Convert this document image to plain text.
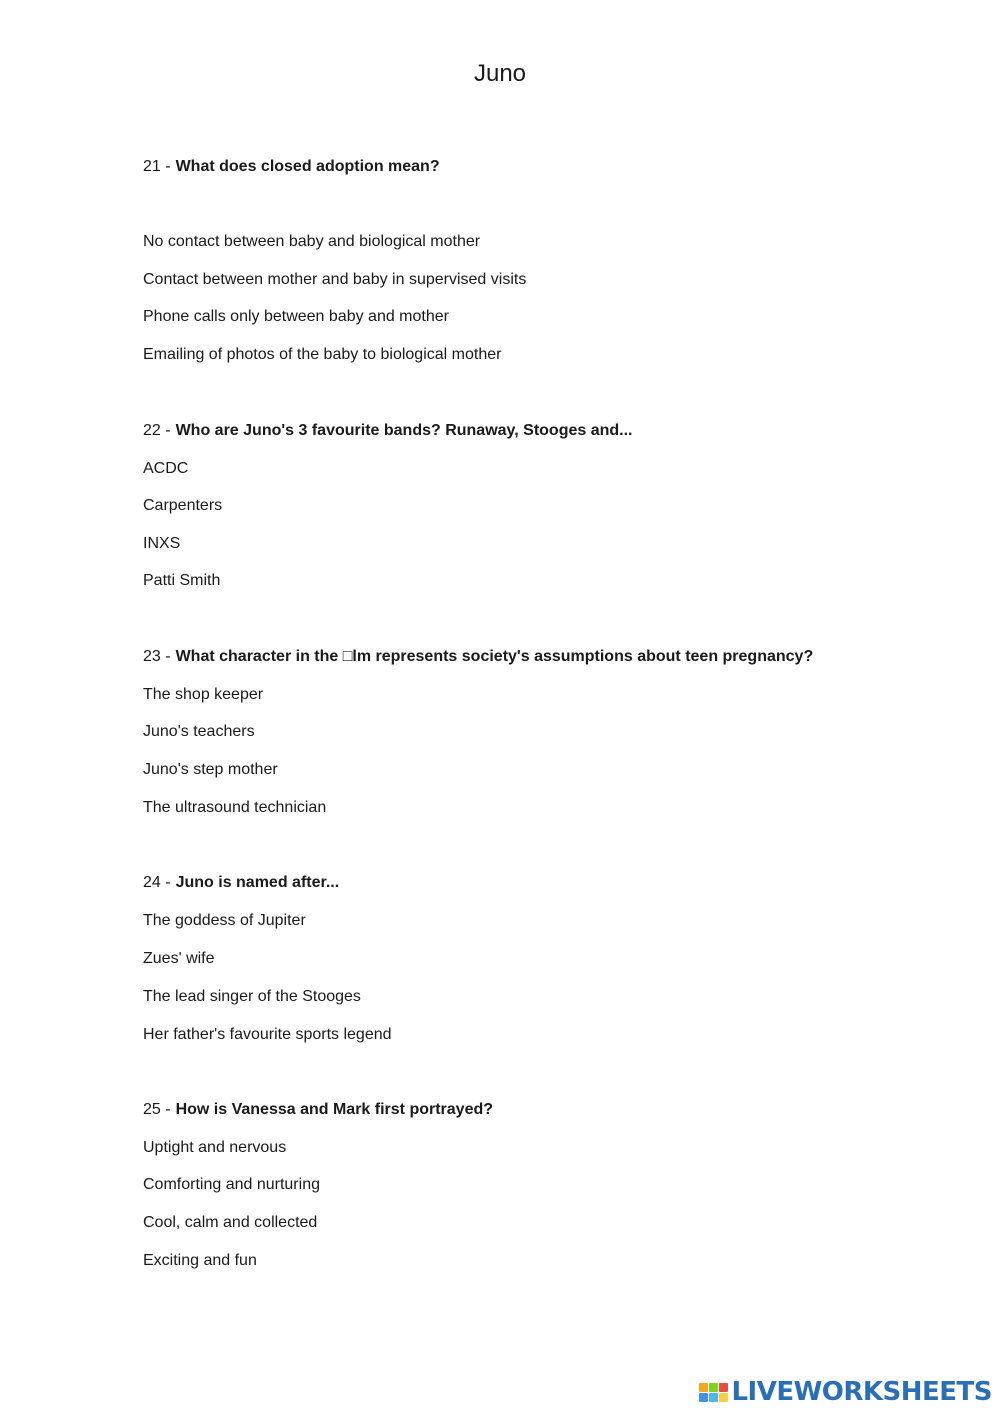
Juno
21 - What does closed adoption mean?
No contact between baby and biological mother
Contact between mother and baby in supervised visits
Phone calls only between baby and mother
Emailing of photos of the baby to biological mother
22 - Who are Juno's 3 favourite bands? Runaway, Stooges and...
ACDC
Carpenters
INXS
Patti Smith
23 - What character in the □lm represents society's assumptions about teen pregnancy?
The shop keeper
Juno's teachers
Juno's step mother
The ultrasound technician
24 - Juno is named after...
The goddess of Jupiter
Zues' wife
The lead singer of the Stooges
Her father's favourite sports legend
25 - How is Vanessa and Mark first portrayed?
Uptight and nervous
Comforting and nurturing
Cool, calm and collected
Exciting and fun
LIVEWORKSHEETS
